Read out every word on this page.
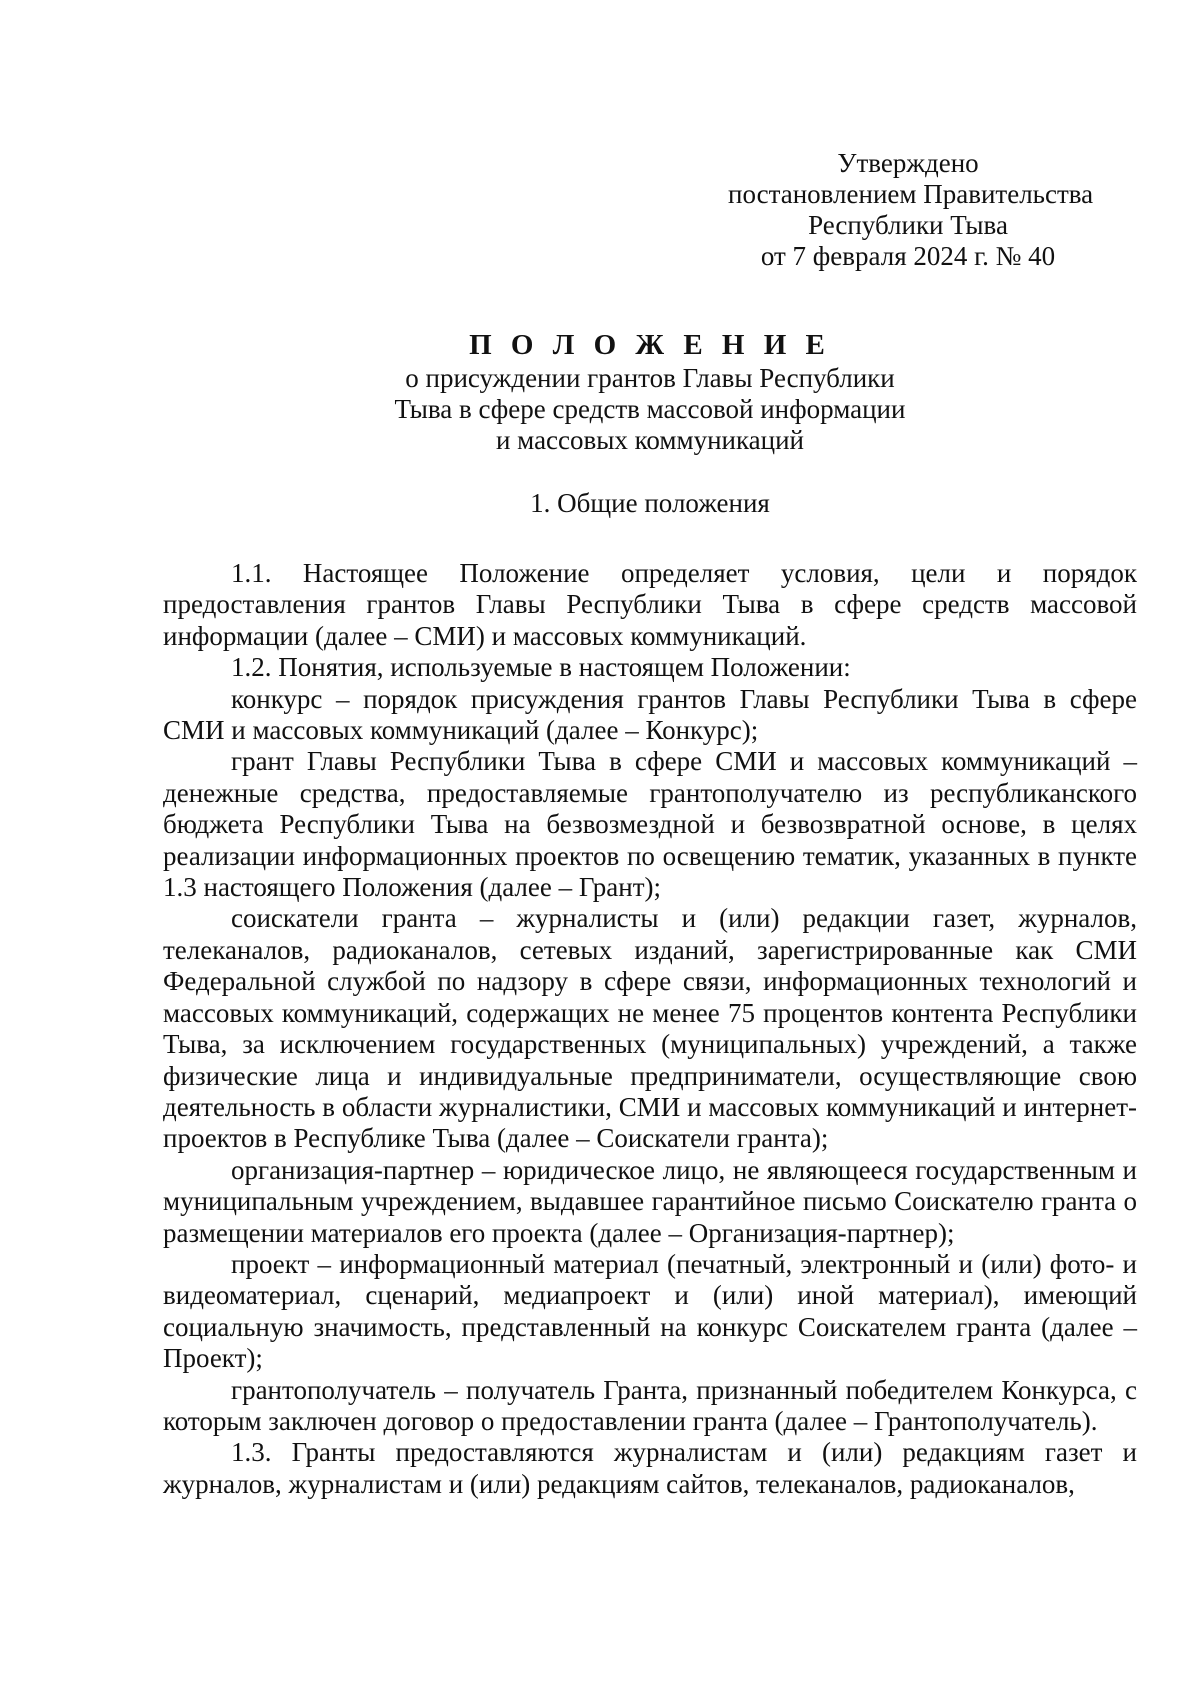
Утверждено
постановлением Правительства
Республики Тыва
от 7 февраля 2024 г. № 40
П О Л О Ж Е Н И Е
о присуждении грантов Главы Республики
Тыва в сфере средств массовой информации
и массовых коммуникаций
1. Общие положения

1.1. Настоящее Положение определяет условия, цели и порядок предоставления грантов Главы Республики Тыва в сфере средств массовой информации (далее – СМИ) и массовых коммуникаций.

1.2. Понятия, используемые в настоящем Положении:

конкурс – порядок присуждения грантов Главы Республики Тыва в сфере СМИ и массовых коммуникаций (далее – Конкурс);

грант Главы Республики Тыва в сфере СМИ и массовых коммуникаций – денежные средства, предоставляемые грантополучателю из республиканского бюджета Республики Тыва на безвозмездной и безвозвратной основе, в целях реализации информационных проектов по освещению тематик, указанных в пункте 1.3 настоящего Положения (далее – Грант);

соискатели гранта – журналисты и (или) редакции газет, журналов, телеканалов, радиоканалов, сетевых изданий, зарегистрированные как СМИ Федеральной службой по надзору в сфере связи, информационных технологий и массовых коммуникаций, содержащих не менее 75 процентов контента Республики Тыва, за исключением государственных (муниципальных) учреждений, а также физические лица и индивидуальные предприниматели, осуществляющие свою деятельность в области журналистики, СМИ и массовых коммуникаций и интернет-проектов в Республике Тыва (далее – Соискатели гранта);

организация-партнер – юридическое лицо, не являющееся государственным и муниципальным учреждением, выдавшее гарантийное письмо Соискателю гранта о размещении материалов его проекта (далее – Организация-партнер);

проект – информационный материал (печатный, электронный и (или) фото- и видеоматериал, сценарий, медиапроект и (или) иной материал), имеющий социальную значимость, представленный на конкурс Соискателем гранта (далее – Проект);

грантополучатель – получатель Гранта, признанный победителем Конкурса, с которым заключен договор о предоставлении гранта (далее – Грантополучатель).

1.3. Гранты предоставляются журналистам и (или) редакциям газет и журналов, журналистам и (или) редакциям сайтов, телеканалов, радиоканалов,
